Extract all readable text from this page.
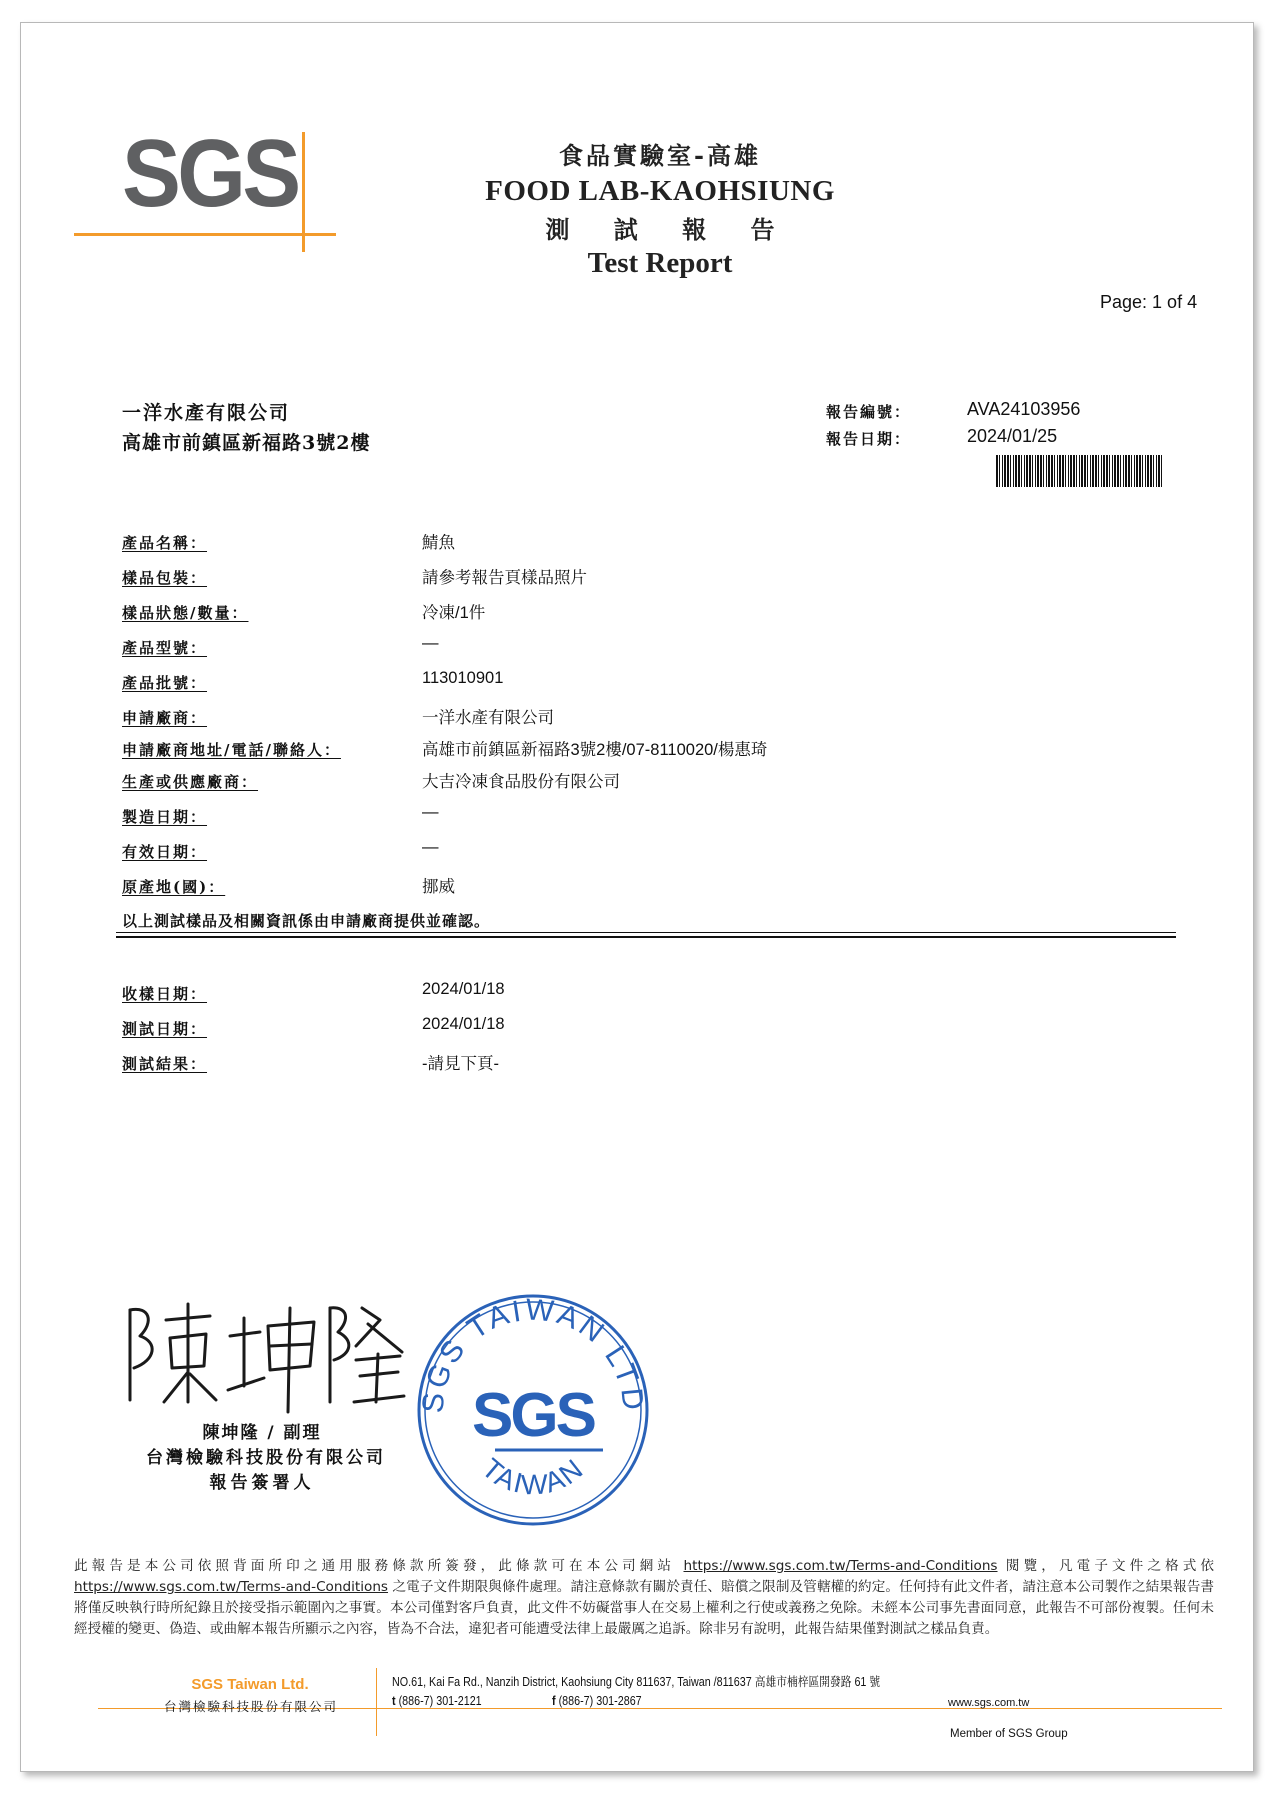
SGS	食品實驗室-高雄
FOOD LAB-KAOHSIUNG
測 試 報 告
Test Report
Page: 1 of 4
一洋水產有限公司
高雄市前鎮區新福路3號2樓
報告編號：	AVA24103956
報告日期：	2024/01/25
產品名稱：	鯖魚
樣品包裝：	請參考報告頁樣品照片
樣品狀態/數量：	冷凍/1件
產品型號：	—
產品批號：	113010901
申請廠商：	一洋水產有限公司
申請廠商地址/電話/聯絡人：	高雄市前鎮區新福路3號2樓/07-8110020/楊惠琦
生產或供應廠商：	大吉冷凍食品股份有限公司
製造日期：	—
有效日期：	—
原產地(國)：	挪威
以上測試樣品及相關資訊係由申請廠商提供並確認。
收樣日期：	2024/01/18
測試日期：	2024/01/18
測試結果：	-請見下頁-
陳坤隆 / 副理
台灣檢驗科技股份有限公司
報告簽署人
SGS TAIWAN LTD
SGS
TAIWAN
此報告是本公司依照背面所印之通用服務條款所簽發，此條款可在本公司網站 https://www.sgs.com.tw/Terms-and-Conditions 閱覽，凡電子文件之格式依 https://www.sgs.com.tw/Terms-and-Conditions 之電子文件期限與條件處理。請注意條款有關於責任、賠償之限制及管轄權的約定。任何持有此文件者，請注意本公司製作之結果報告書將僅反映執行時所紀錄且於接受指示範圍內之事實。本公司僅對客戶負責，此文件不妨礙當事人在交易上權利之行使或義務之免除。未經本公司事先書面同意，此報告不可部份複製。任何未經授權的變更、偽造、或曲解本報告所顯示之內容，皆為不合法，違犯者可能遭受法律上最嚴厲之追訴。除非另有說明，此報告結果僅對測試之樣品負責。
SGS Taiwan Ltd.
台灣檢驗科技股份有限公司
NO.61, Kai Fa Rd., Nanzih District, Kaohsiung City 811637, Taiwan /811637 高雄市楠梓區開發路 61 號
t (886-7) 301-2121	f (886-7) 301-2867	www.sgs.com.tw
Member of SGS Group
